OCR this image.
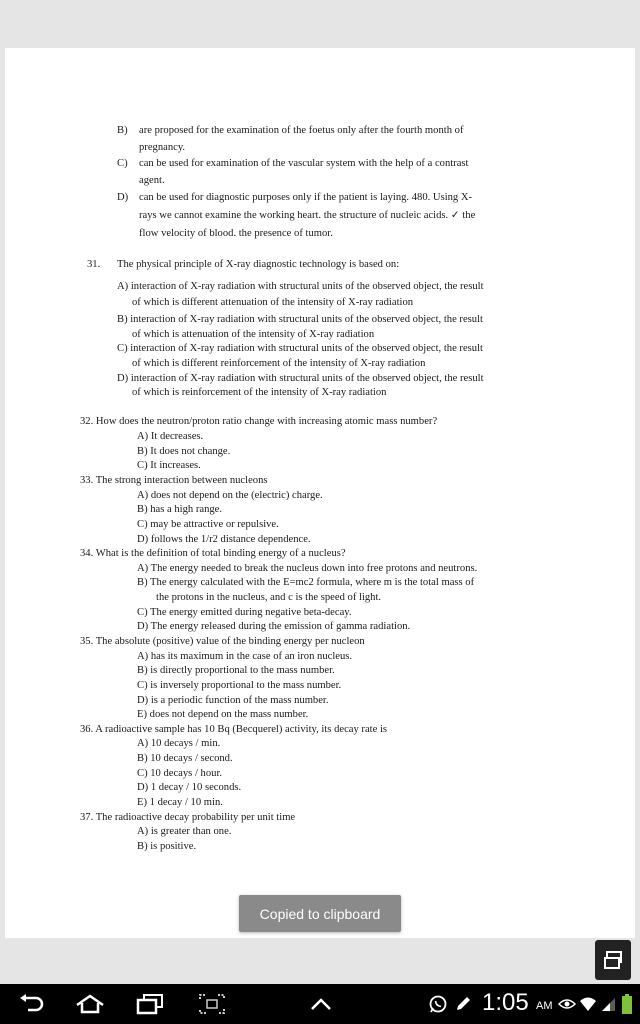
B) are proposed for the examination of the foetus only after the fourth month of
pregnancy.
C) can be used for examination of the vascular system with the help of a contrast
agent.
D) can be used for diagnostic purposes only if the patient is laying. 480. Using X-
rays we cannot examine the working heart. the structure of nucleic acids. ✓ the
flow velocity of blood. the presence of tumor.
31. The physical principle of X-ray diagnostic technology is based on:
A) interaction of X-ray radiation with structural units of the observed object, the result
of which is different attenuation of the intensity of X-ray radiation
B) interaction of X-ray radiation with structural units of the observed object, the result
of which is attenuation of the intensity of X-ray radiation
C) interaction of X-ray radiation with structural units of the observed object, the result
of which is different reinforcement of the intensity of X-ray radiation
D) interaction of X-ray radiation with structural units of the observed object, the result
of which is reinforcement of the intensity of X-ray radiation
32. How does the neutron/proton ratio change with increasing atomic mass number?
A) It decreases.
B) It does not change.
C) It increases.
33. The strong interaction between nucleons
A) does not depend on the (electric) charge.
B) has a high range.
C) may be attractive or repulsive.
D) follows the 1/r2 distance dependence.
34. What is the definition of total binding energy of a nucleus?
A) The energy needed to break the nucleus down into free protons and neutrons.
B) The energy calculated with the E=mc2 formula, where m is the total mass of
the protons in the nucleus, and c is the speed of light.
C) The energy emitted during negative beta-decay.
D) The energy released during the emission of gamma radiation.
35. The absolute (positive) value of the binding energy per nucleon
A) has its maximum in the case of an iron nucleus.
B) is directly proportional to the mass number.
C) is inversely proportional to the mass number.
D) is a periodic function of the mass number.
E) does not depend on the mass number.
36. A radioactive sample has 10 Bq (Becquerel) activity, its decay rate is
A) 10 decays / min.
B) 10 decays / second.
C) 10 decays / hour.
D) 1 decay / 10 seconds.
E) 1 decay / 10 min.
37. The radioactive decay probability per unit time
A) is greater than one.
B) is positive.
Copied to clipboard
1:05 AM
